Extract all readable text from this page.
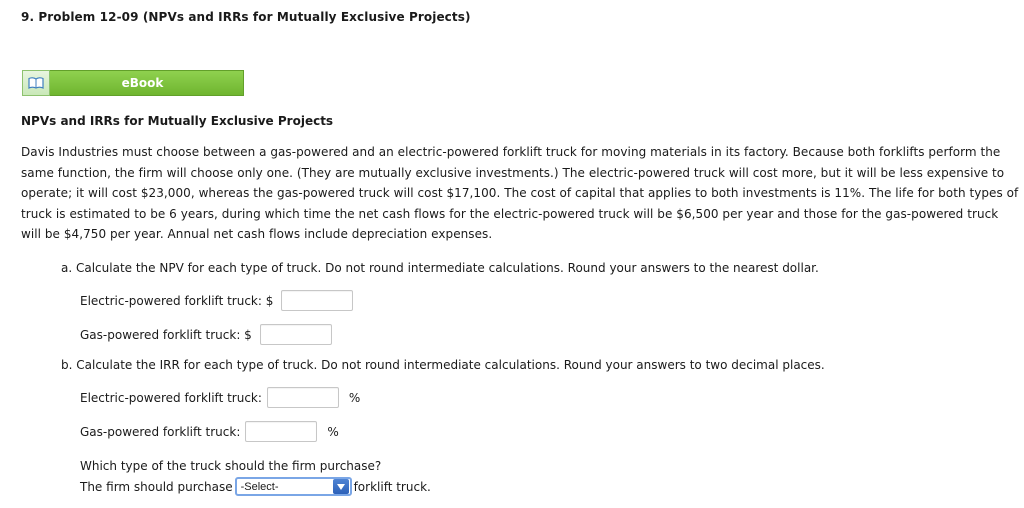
9. Problem 12-09 (NPVs and IRRs for Mutually Exclusive Projects)
eBook
NPVs and IRRs for Mutually Exclusive Projects
Davis Industries must choose between a gas-powered and an electric-powered forklift truck for moving materials in its factory. Because both forklifts perform the same function, the firm will choose only one. (They are mutually exclusive investments.) The electric-powered truck will cost more, but it will be less expensive to operate; it will cost $23,000, whereas the gas-powered truck will cost $17,100. The cost of capital that applies to both investments is 11%. The life for both types of truck is estimated to be 6 years, during which time the net cash flows for the electric-powered truck will be $6,500 per year and those for the gas-powered truck will be $4,750 per year. Annual net cash flows include depreciation expenses.
a. Calculate the NPV for each type of truck. Do not round intermediate calculations. Round your answers to the nearest dollar.
Electric-powered forklift truck: $
Gas-powered forklift truck: $
b. Calculate the IRR for each type of truck. Do not round intermediate calculations. Round your answers to two decimal places.
Electric-powered forklift truck:	%
Gas-powered forklift truck:	%
Which type of the truck should the firm purchase?
The firm should purchase -Select-	forklift truck.
